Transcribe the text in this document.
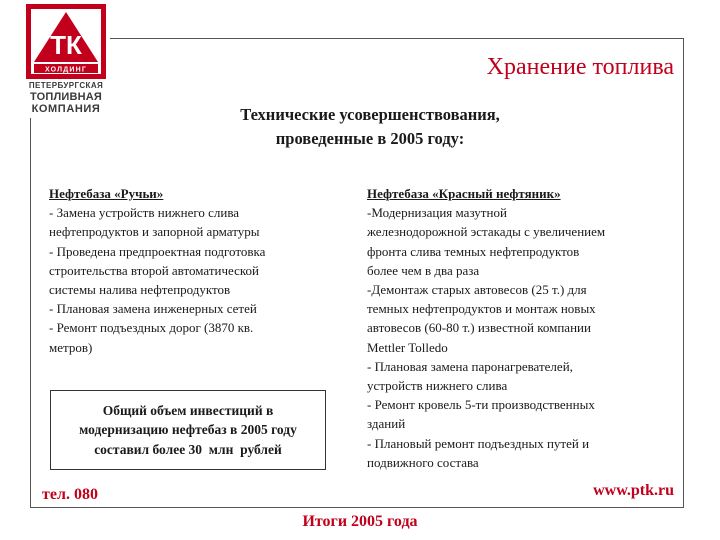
ТК
ХОЛДИНГ
ПЕТЕРБУРГСКАЯ
ТОПЛИВНАЯ
КОМПАНИЯ
Хранение топлива
Технические усовершенствования,
проведенные в 2005 году:
Нефтебаза «Ручьи»
- Замена устройств нижнего слива
нефтепродуктов и запорной арматуры
- Проведена предпроектная подготовка
строительства второй автоматической
системы налива нефтепродуктов
- Плановая замена инженерных сетей
- Ремонт подъездных дорог (3870 кв.
метров)
Общий объем инвестиций в
модернизацию нефтебаз в 2005 году
составил более 30  млн  рублей
Нефтебаза «Красный нефтяник»
-Модернизация мазутной
железнодорожной эстакады с увеличением
фронта слива темных нефтепродуктов
более чем в два раза
-Демонтаж старых автовесов (25 т.) для
темных нефтепродуктов и монтаж новых
автовесов (60-80 т.) известной компании
Mettler Tolledo
- Плановая замена паронагревателей,
устройств нижнего слива
- Ремонт кровель 5-ти производственных
зданий
- Плановый ремонт подъездных путей и
подвижного состава
тел. 080	www.ptk.ru
Итоги 2005 года
